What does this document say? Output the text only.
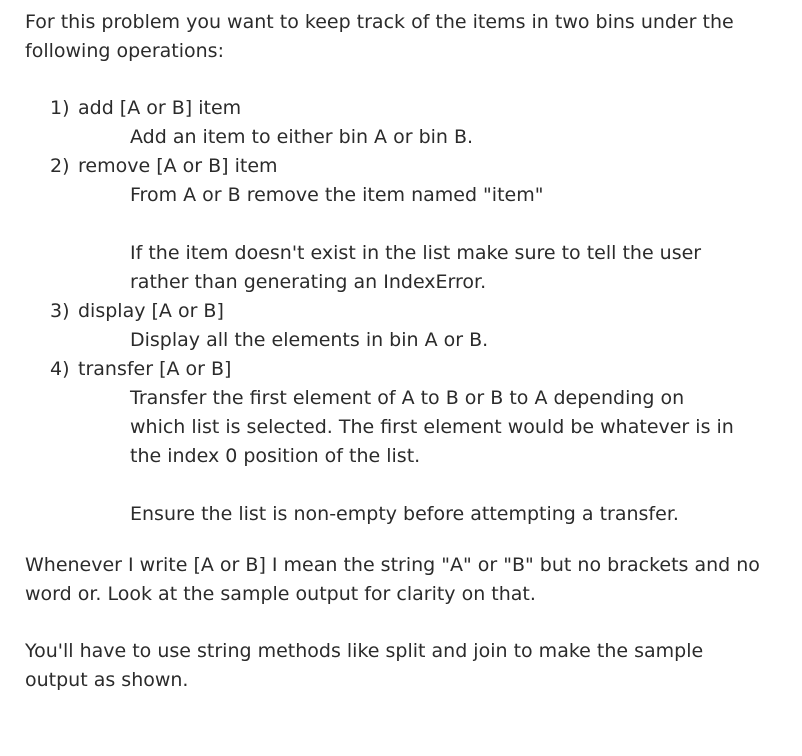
For this problem you want to keep track of the items in two bins under the following operations:

1) add [A or B] item
Add an item to either bin A or bin B.
2) remove [A or B] item
From A or B remove the item named "item"
If the item doesn't exist in the list make sure to tell the user rather than generating an IndexError.
3) display [A or B]
Display all the elements in bin A or B.
4) transfer [A or B]
Transfer the first element of A to B or B to A depending on which list is selected. The first element would be whatever is in the index 0 position of the list.
Ensure the list is non-empty before attempting a transfer.

Whenever I write [A or B] I mean the string "A" or "B" but no brackets and no word or. Look at the sample output for clarity on that.

You'll have to use string methods like split and join to make the sample output as shown.
